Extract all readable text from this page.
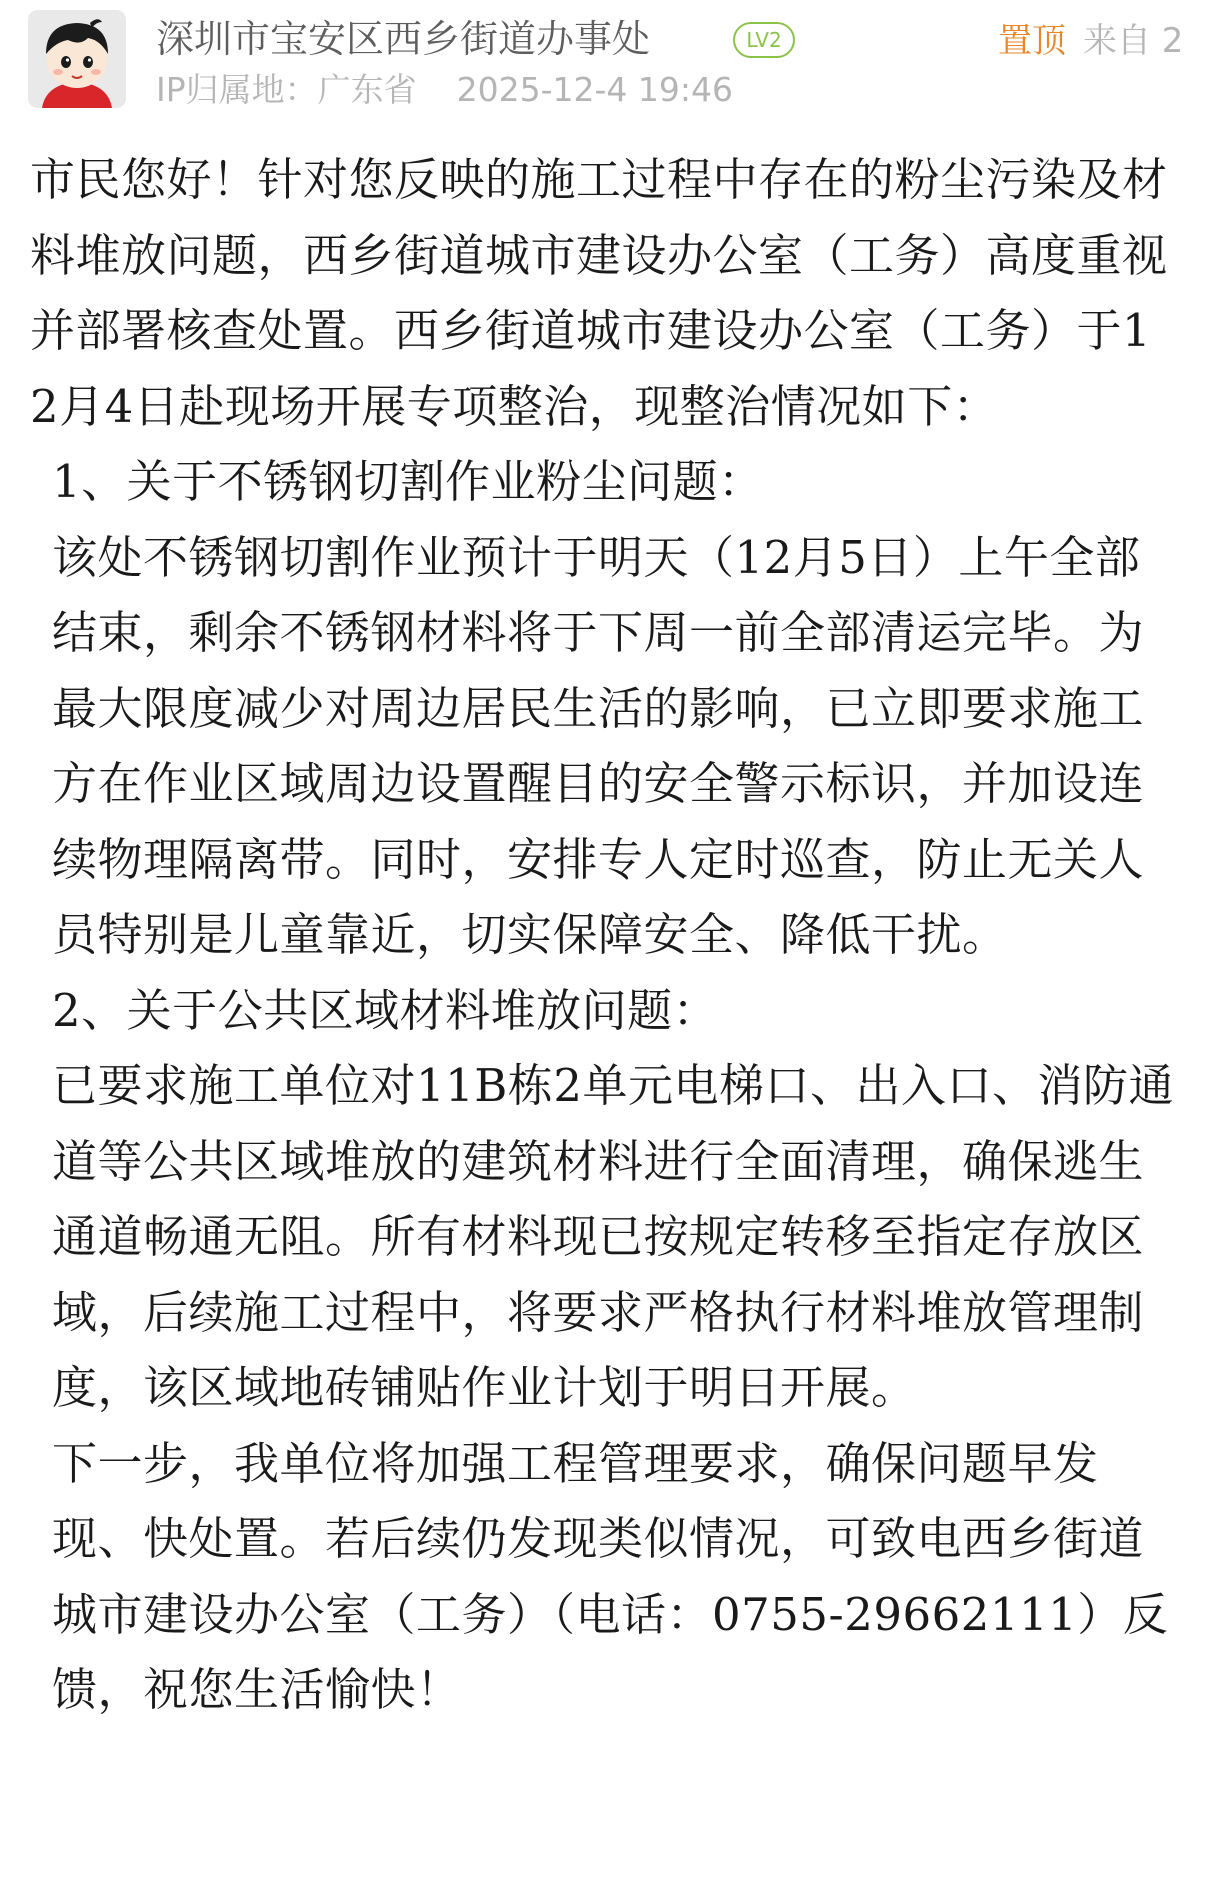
深圳市宝安区西乡街道办事处	LV2
IP归属地：广东省 2025-12-4 19:46
置顶 来自 2

市民您好！针对您反映的施工过程中存在的粉尘污染及材料堆放问题，西乡街道城市建设办公室（工务）高度重视并部署核查处置。西乡街道城市建设办公室（工务）于12月4日赴现场开展专项整治，现整治情况如下：

1、关于不锈钢切割作业粉尘问题：

该处不锈钢切割作业预计于明天（12月5日）上午全部结束，剩余不锈钢材料将于下周一前全部清运完毕。为最大限度减少对周边居民生活的影响，已立即要求施工方在作业区域周边设置醒目的安全警示标识，并加设连续物理隔离带。同时，安排专人定时巡查，防止无关人员特别是儿童靠近，切实保障安全、降低干扰。

2、关于公共区域材料堆放问题：

已要求施工单位对11B栋2单元电梯口、出入口、消防通道等公共区域堆放的建筑材料进行全面清理，确保逃生通道畅通无阻。所有材料现已按规定转移至指定存放区域，后续施工过程中，将要求严格执行材料堆放管理制度，该区域地砖铺贴作业计划于明日开展。

下一步，我单位将加强工程管理要求，确保问题早发现、快处置。若后续仍发现类似情况，可致电西乡街道城市建设办公室（工务）（电话：0755-29662111）反馈，祝您生活愉快！
